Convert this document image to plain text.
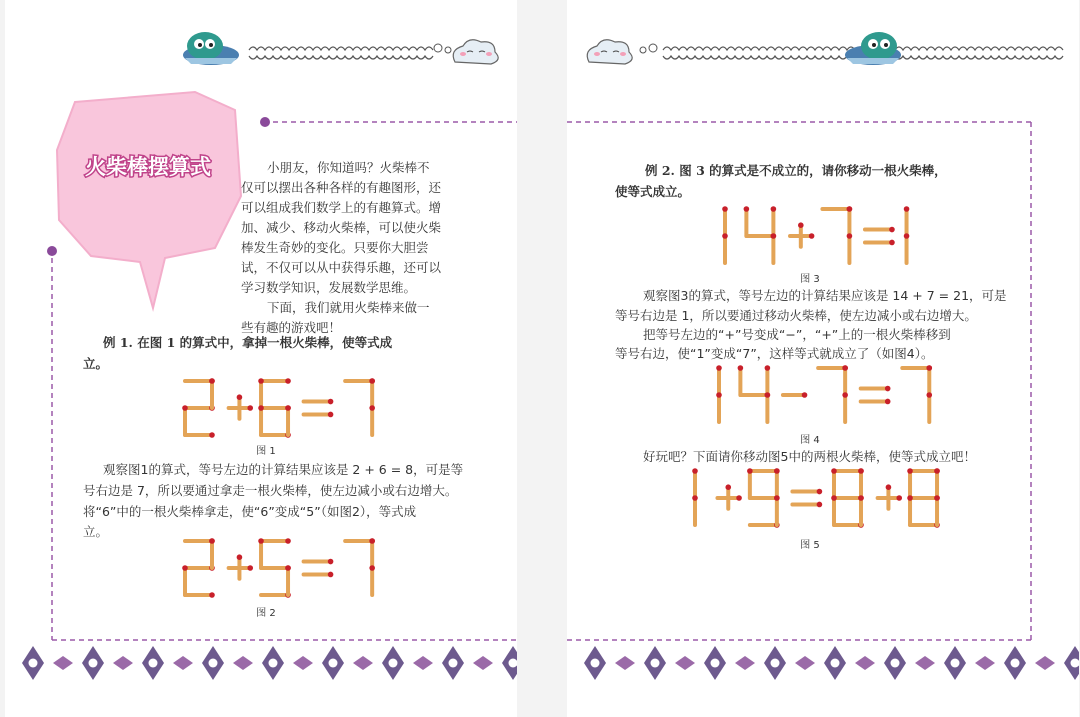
火柴棒摆算式	小朋友，你知道吗？火柴棒不

仅可以摆出各种各样的有趣图形，还

可以组成我们数学上的有趣算式。增

加、减少、移动火柴棒，可以使火柴

棒发生奇妙的变化。只要你大胆尝

试，不仅可以从中获得乐趣，还可以

学习数学知识，发展数学思维。

下面，我们就用火柴棒来做一

些有趣的游戏吧！

例 1. 在图 1 的算式中，拿掉一根火柴棒，使等式成
立。
图 1
观察图1的算式，等号左边的计算结果应该是 2 + 6 = 8，可是等
号右边是 7，所以要通过拿走一根火柴棒，使左边减小或右边增大。
将“6”中的一根火柴棒拿走，使“6”变成“5”（如图2），等式成
立。
图 2
例 2. 图 3 的算式是不成立的，请你移动一根火柴棒，
使等式成立。
图 3
观察图3的算式，等号左边的计算结果应该是 14 + 7 = 21，可是
等号右边是 1，所以要通过移动火柴棒，使左边减小或右边增大。
把等号左边的“+”号变成“−”，“+”上的一根火柴棒移到
等号右边，使“1”变成“7”，这样等式就成立了（如图4）。
图 4
好玩吧？下面请你移动图5中的两根火柴棒，使等式成立吧！
图 5
